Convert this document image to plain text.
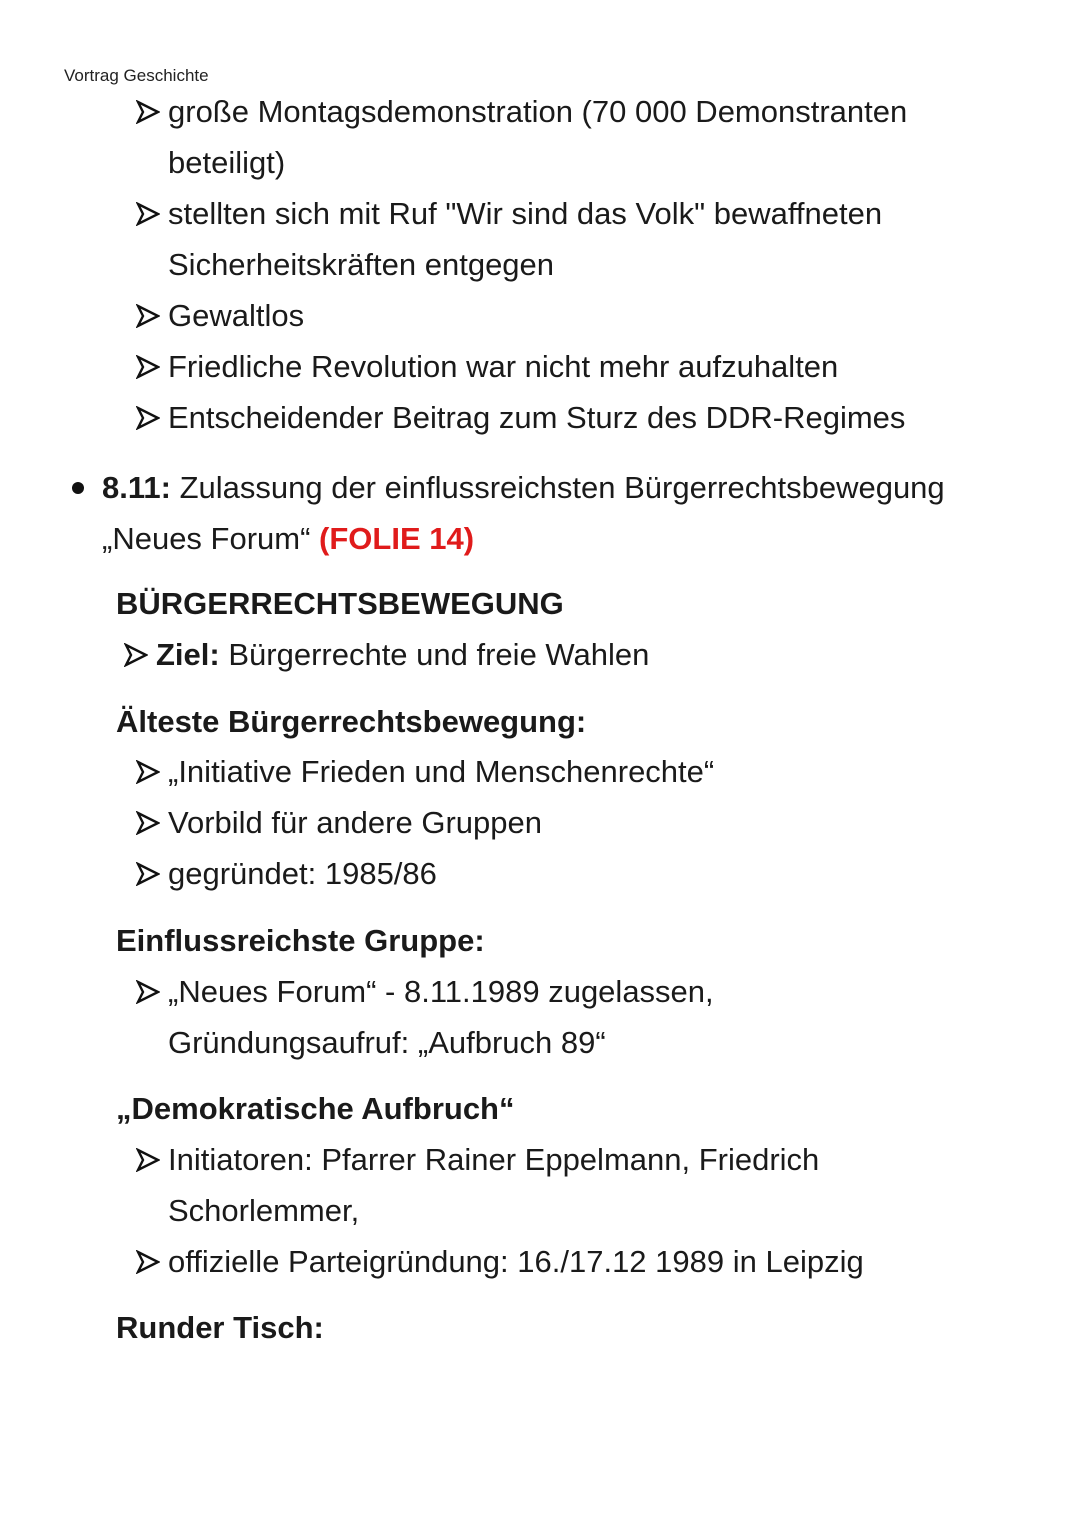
Vortrag Geschichte
große Montagsdemonstration (70 000 Demonstranten beteiligt)
stellten sich mit Ruf "Wir sind das Volk" bewaffneten Sicherheitskräften entgegen
Gewaltlos
Friedliche Revolution war nicht mehr aufzuhalten
Entscheidender Beitrag zum Sturz des DDR-Regimes
8.11: Zulassung der einflussreichsten Bürgerrechtsbewegung „Neues Forum“ (FOLIE 14)
BÜRGERRECHTSBEWEGUNG
Ziel: Bürgerrechte und freie Wahlen
Älteste Bürgerrechtsbewegung:
„Initiative Frieden und Menschenrechte“
Vorbild für andere Gruppen
gegründet: 1985/86
Einflussreichste Gruppe:
„Neues Forum“ - 8.11.1989 zugelassen, Gründungsaufruf: „Aufbruch 89“
„Demokratische Aufbruch“
Initiatoren: Pfarrer Rainer Eppelmann, Friedrich Schorlemmer,
offizielle Parteigründung: 16./17.12 1989 in Leipzig
Runder Tisch:
